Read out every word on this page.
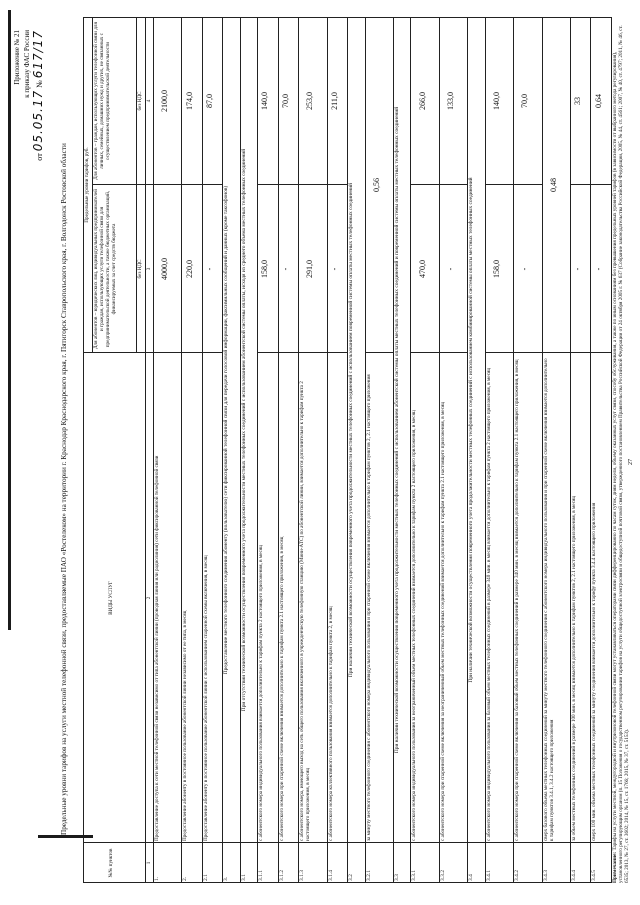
Приложение № 21 к приказу ФАС России
от 05.05.17 № 617/17
Предельные уровни тарифов на услуги местной телефонной связи, предоставляемые ПАО «Ростелеком» на территории г. Краснодар Краснодарского края, г. Пятигорск Ставропольского края, г. Волгодонск Ростовской области
№№ пунктов
ВИДЫ УСЛУГ
Предельные уровни тарифов, руб.
Для абонентов – юридических лиц, индивидуальных предпринимателей и граждан, использующих услуги телефонной связи для предпринимательской деятельности, а также бюджетных организаций, финансируемых за счет средств бюджета
Для абонентов – граждан, использующих услуги телефонной связи для личных, семейных, домашних нужд и других, не связанных с осуществлением предпринимательской деятельности
без НДС
без НДС
1
2
3
4
1.
Предоставление доступа к сети местной телефонной связи независимо от типа абонентской линии (проводная линия или радиолиния) сети фиксированной телефонной связи
4000,0
2100,0
2.
Предоставление абоненту в постоянное пользование абонентской линии независимо от ее типа, в месяц
220,0
174,0
2.1
Предоставление абоненту в постоянное пользование абонентской линии с использованием спаренной схемы включения, в месяц
-
87,0
3.
Предоставление местного телефонного соединения абоненту (пользователю) сети фиксированной телефонной связи для передачи голосовой информации, факсимильных сообщений и данных (кроме таксофонов)
3.1
При отсутствии технической возможности осуществления повременного учета продолжительности местных телефонных соединений с использованием абонентской системы оплаты, исходя из среднего объема местных телефонных соединений
3.1.1
с абонентского номера индивидуального пользования взимается дополнительно к тарифам пункта 2 настоящего приложения, в месяц
158,0
140,0
3.1.2
с абонентского номера при спаренной схеме включения взимается дополнительно к тарифам пункта 2.1 настоящего приложения, в месяц
-
70,0
3.1.3
с абонентского номера, имеющего выход на сеть общего пользования включенного в учрежденческую телефонную станцию (Мини-АТС) по абонентской линии, взимается дополнительно к тарифам пункта 2 настоящего приложения, в месяц
291,0
253,0
3.1.4
с абонентского номера коллективного пользования взимается дополнительно к тарифам пункта 2, в месяц
-
211,0
3.2
При наличии технической возможности осуществления повременного учета продолжительности местных телефонных соединений с использованием повременной системы оплаты местных телефонных соединений
3.2.1
за минуту местного телефонного соединения с абонентского номера индивидуального пользования и при спаренной схеме включения взимается дополнительно к тарифам пунктов 2, 2.1 настоящего приложения
0,56
3.3
При наличии технической возможности осуществления повременного учета продолжительности местных телефонных соединений с использованием абонентской системы оплаты местных телефонных соединений и повременной системы оплаты местных телефонных соединений
3.3.1
с абонентского номера индивидуального пользования за неограниченный объем местных телефонных соединений взимается дополнительно к тарифам пункта 2 настоящего приложения, в месяц
470,0
266,0
3.3.2
с абонентского номера при спаренной схеме включения за неограниченный объем местных телефонных соединений взимается дополнительно к тарифам пункта 2.1 настоящего приложения, в месяц
-
133,0
3.4
При наличии технической возможности осуществления повременного учета продолжительности местных телефонных соединений с использованием комбинированной системы оплаты местных телефонных соединений
3.4.1
с абонентского номера индивидуального пользования за базовый объем местных телефонных соединений в размере 340 мин. в месяц взимается дополнительно к тарифам пункта 2 настоящего приложения, в месяц
158,0
140,0
3.4.2
с абонентского номера при спаренной схеме включения за базовый объем местных телефонных соединений в размере 340 мин. в месяц взимается дополнительно к тарифам пункта 2.1 настоящего приложения, в месяц
-
70,0
3.4.3
сверх базового объема местных телефонных соединений за минуту местного телефонного соединения с абонентского номера индивидуального пользования и при спаренной схеме включения взимается дополнительно к тарифам пунктов 3.4.1, 3.4.2 настоящего приложения
0,48
3.4.4
за объем местных телефонных соединений в размере 100 мин. в месяц взимается дополнительно к тарифам пунктов 2, 2.1 настоящего приложения, в месяц
-
33
3.4.5
сверх 100 мин. объема местных телефонных соединений за минуту соединения взимается дополнительно к тарифу пункта 3.4.4 настоящего приложения
-
0,64
Примечание: Тарифы на услуги местной, междугородной и внутризоновой телефонной связи могут устанавливаться операторами связи дифференцированно по часам суток, дням недели, объему оказанных услуг связи, способу обслуживания, а также по иным основаниям без превышения предельных уровней тарифов (в зависимости от выбранного метода регулирования), установленного регулирующим органом (п. 15 Положения о государственном регулировании тарифов на услуги общедоступной электросвязи и общедоступной почтовой связи, утвержденного постановлением Правительства Российской Федерации от 24 октября 2005 г. № 637 (Собрание законодательства Российской Федерации, 2005, № 44, ст. 4561; 2007, № 40, ст. 4797; 2011, № 46, ст. 6535; 2013, № 27, ст. 3602; 2014, № 15, ст. 1766; 2015, № 37, ст. 5153).
27
